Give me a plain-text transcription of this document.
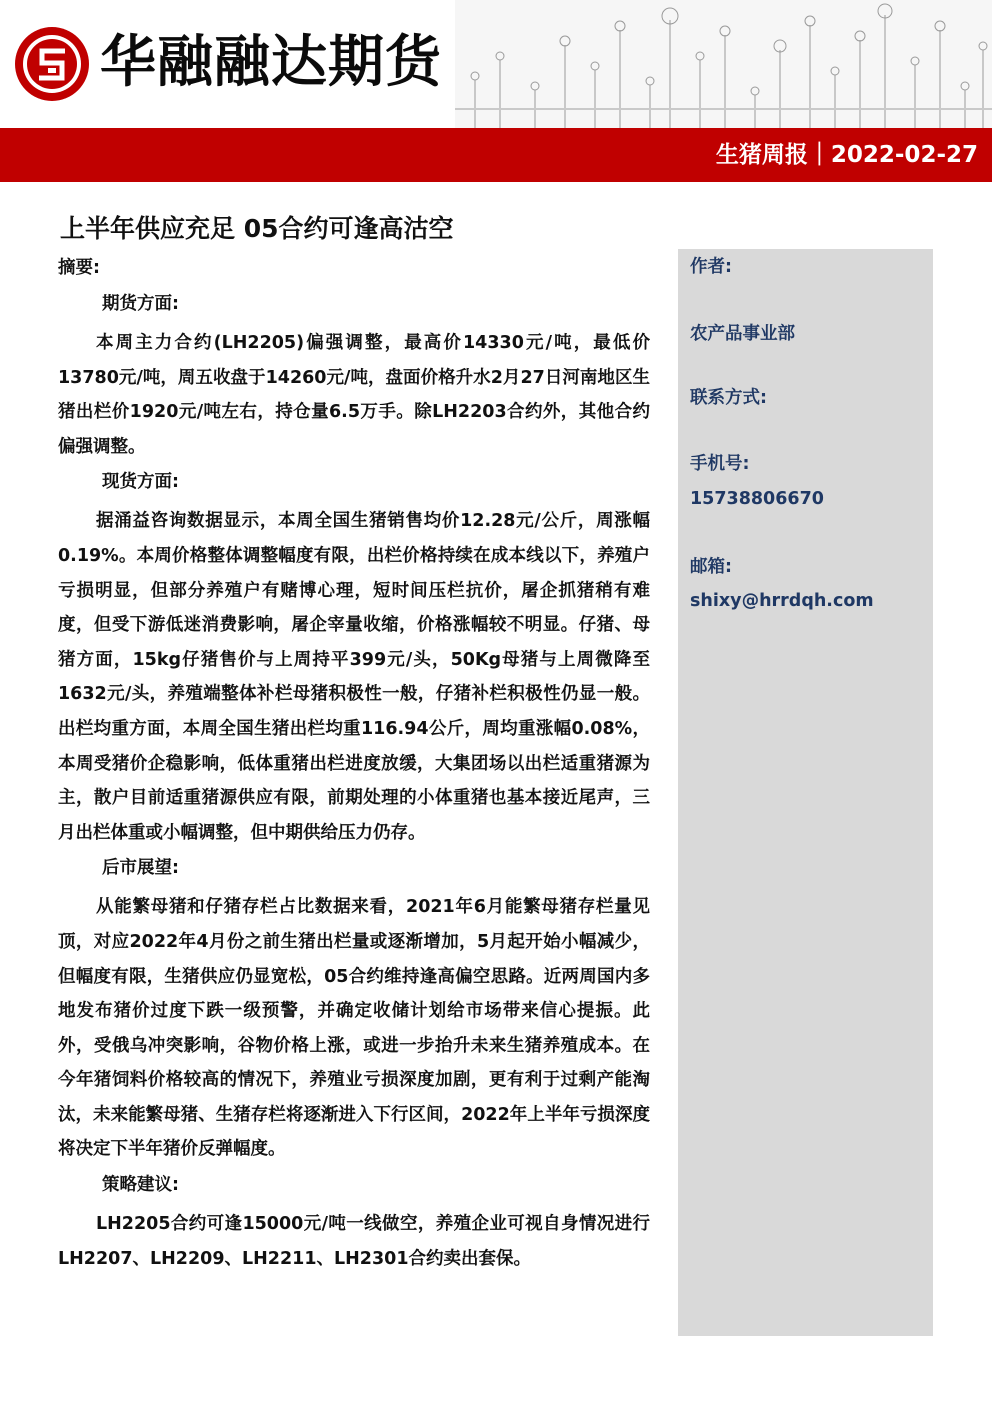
华融融达期货
生猪周报｜2022-02-27
上半年供应充足 05合约可逢高沽空
摘要:
期货方面:

本周主力合约(LH2205)偏强调整，最高价14330元/吨，最低价13780元/吨，周五收盘于14260元/吨，盘面价格升水2月27日河南地区生猪出栏价1920元/吨左右，持仓量6.5万手。除LH2203合约外，其他合约偏强调整。

现货方面:

据涌益咨询数据显示，本周全国生猪销售均价12.28元/公斤，周涨幅0.19%。本周价格整体调整幅度有限，出栏价格持续在成本线以下，养殖户亏损明显，但部分养殖户有赌博心理，短时间压栏抗价，屠企抓猪稍有难度，但受下游低迷消费影响，屠企宰量收缩，价格涨幅较不明显。仔猪、母猪方面，15kg仔猪售价与上周持平399元/头，50Kg母猪与上周微降至1632元/头，养殖端整体补栏母猪积极性一般，仔猪补栏积极性仍显一般。出栏均重方面，本周全国生猪出栏均重116.94公斤，周均重涨幅0.08%，本周受猪价企稳影响，低体重猪出栏进度放缓，大集团场以出栏适重猪源为主，散户目前适重猪源供应有限，前期处理的小体重猪也基本接近尾声，三月出栏体重或小幅调整，但中期供给压力仍存。

后市展望:

从能繁母猪和仔猪存栏占比数据来看，2021年6月能繁母猪存栏量见顶，对应2022年4月份之前生猪出栏量或逐渐增加，5月起开始小幅减少，但幅度有限，生猪供应仍显宽松，05合约维持逢高偏空思路。近两周国内多地发布猪价过度下跌一级预警，并确定收储计划给市场带来信心提振。此外，受俄乌冲突影响，谷物价格上涨，或进一步抬升未来生猪养殖成本。在今年猪饲料价格较高的情况下，养殖业亏损深度加剧，更有利于过剩产能淘汰，未来能繁母猪、生猪存栏将逐渐进入下行区间，2022年上半年亏损深度将决定下半年猪价反弹幅度。

策略建议:

LH2205合约可逢15000元/吨一线做空，养殖企业可视自身情况进行LH2207、LH2209、LH2211、LH2301合约卖出套保。

作者:
农产品事业部
联系方式:
手机号:
15738806670
邮箱:
shixy@hrrdqh.com
